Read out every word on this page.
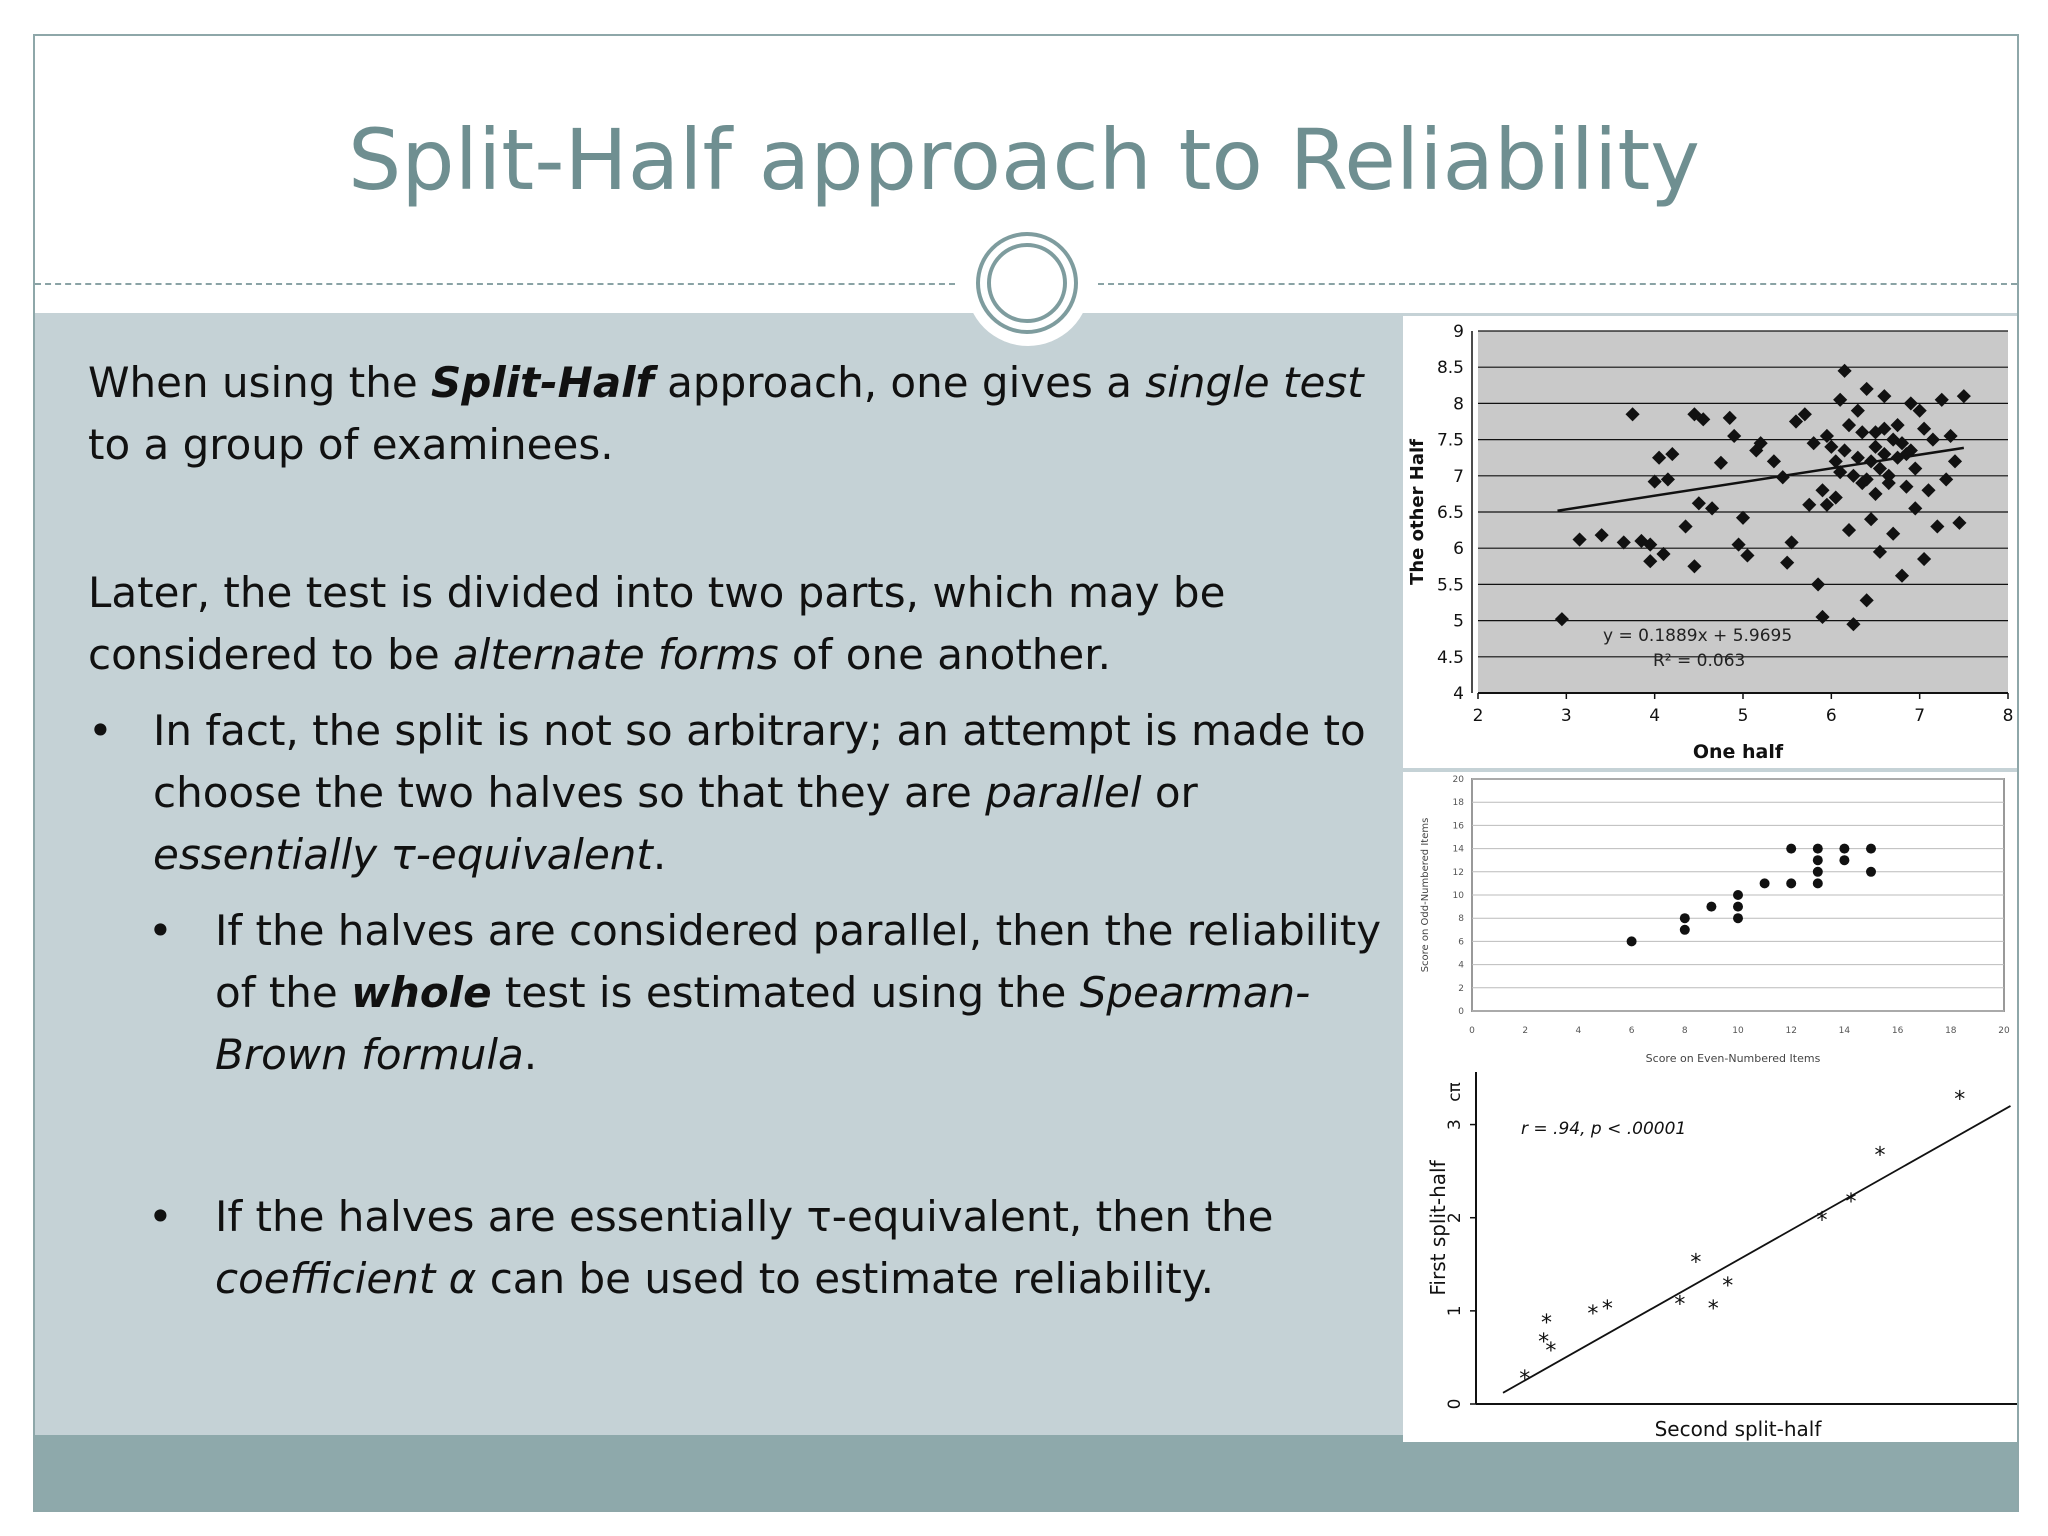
Split-Half approach to Reliability

When using the Split-Half approach, one gives a single test to a group of examinees.

Later, the test is divided into two parts, which may be considered to be alternate forms of one another.

• In fact, the split is not so arbitrary; an attempt is made to choose the two halves so that they are parallel or essentially τ-equivalent.
• If the halves are considered parallel, then the reliability of the whole test is estimated using the Spearman-Brown formula.
• If the halves are essentially τ-equivalent, then the coefficient α can be used to estimate reliability.
4
4.5
5
5.5
6
6.5
7
7.5
8
8.5
9
2	3	4	5	6	7	8
y = 0.1889x + 5.9695
R² = 0.063
One half
The other Half
0
2
4
6
8
10
12
14
16
18
20
0	2	4	6	8	10	12	14	16	18	20
Score on Even-Numbered Items
Score on Odd-Numbered Items
0
1
2
3
cπ
*
*
*
*
* *	*
*
*
*
*
*
*
*
r = .94, p < .00001
Second split-half
First split-half
